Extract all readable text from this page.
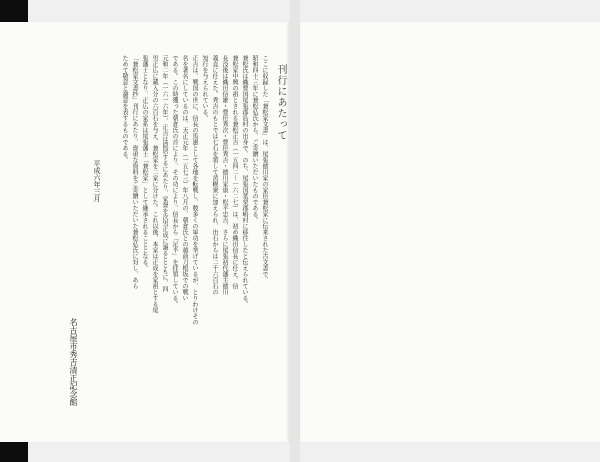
刊行にあたって
ここに収録した「兼松家文書」は、尾張徳川家の家臣兼松家に伝来された古文書で、
昭和四十三年に兼松弘氏から、ご寄贈いただいたものである。
兼松氏は織豊国尾張郡島村の出身で、のち、尾張国葉栗郡嶋村に移住したと伝えられている。
兼松家中興の祖とされる兼松正吉（一五四二〜一六二七）は、初め織田信長に仕え、信
長没後は織田信雄・豊臣秀次・豊臣秀吉・徳川家康・松平忠吉、さらに尾張初代藩主徳川
義直に仕えた。秀吉のもとでは七石を領して黄幌衆に加えられ、出石からは二千六百石の
知行を与えられている。
正吉は、戦国の世に、信長の馬廻として各地を転戦し、数多くの軍功を挙げているが、とりわけその
名を著名にしているのは、天正元年（一五七三）年八月の、朝倉氏との越前刀根坂での戦い
である。この時獲った朝倉氏の首により、その功により、信長から「足半」を拝領している。
元和二年（一六一六年）、正吉は隠居するにあたり、家督を次男正成に譲るとともに、四
男正広に蔵入分の六百石を与え、兼松家を二家に分けた。これ以後、本家は正成を家祖とする尾
張藩士となり、正広の家系は尾張藩士「兼松家」として継承されることとなる。
「兼松家文書抄」刊行にあたり、貴重な資料をご寄贈いただいた兼松弘氏に対し、あら
ためて敬意と謝意を表するものである。
平成六年三月
名古屋市秀吉清正記念館
